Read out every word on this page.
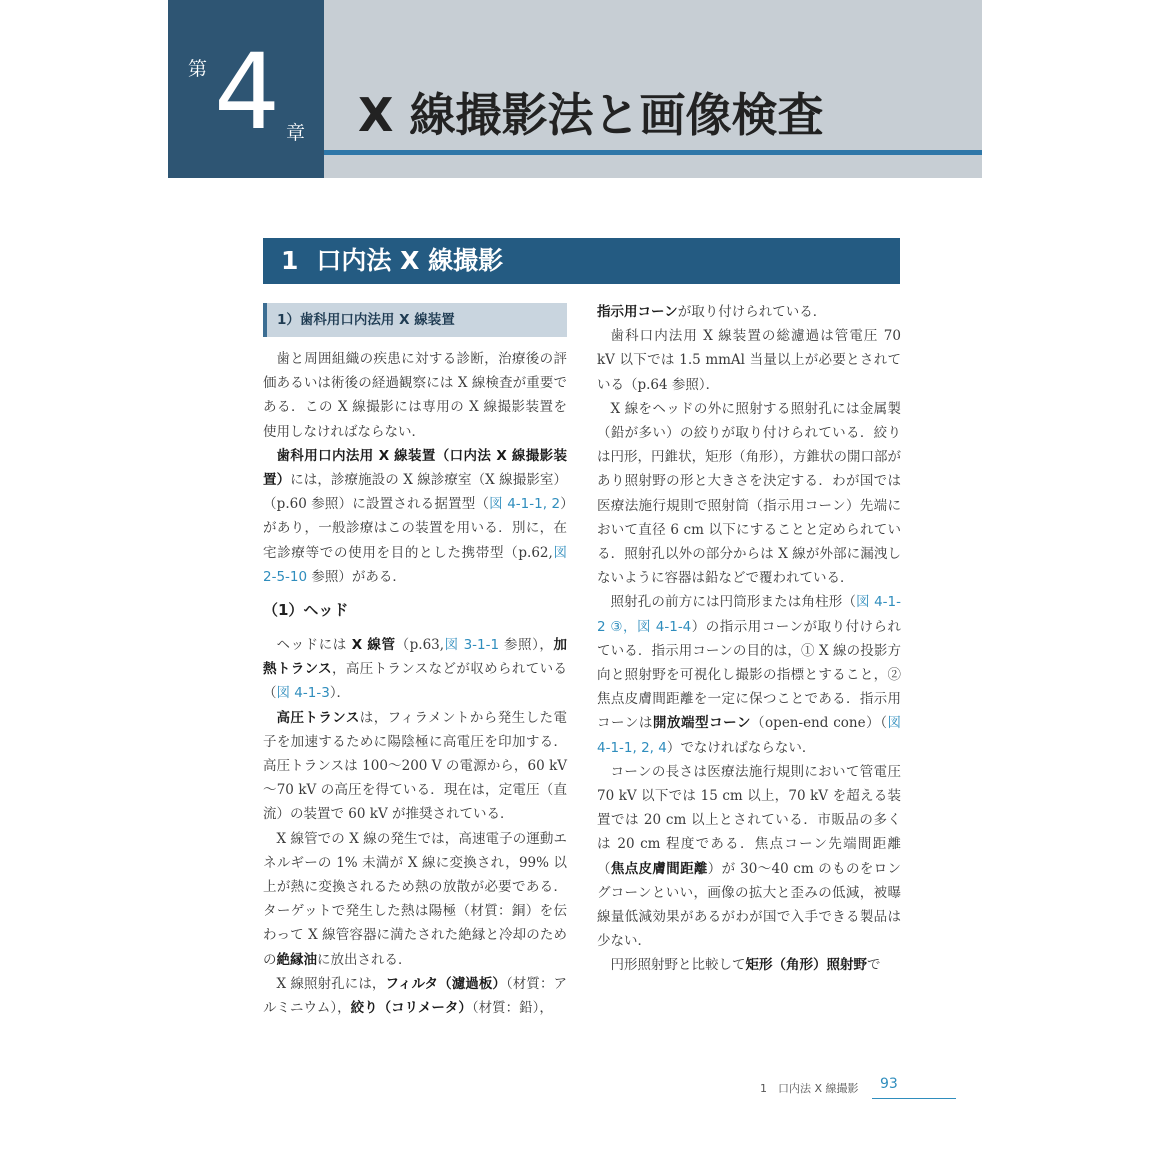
第 4 章 X 線撮影法と画像検査
1 口内法 X 線撮影
1）歯科用口内法用 X 線装置

歯と周囲組織の疾患に対する診断，治療後の評価あるいは術後の経過観察には X 線検査が重要である．この X 線撮影には専用の X 線撮影装置を使用しなければならない．

歯科用口内法用 X 線装置（口内法 X 線撮影装置）には，診療施設の X 線診療室（X 線撮影室）（p.60 参照）に設置される据置型（図 4-1-1, 2）があり，一般診療はこの装置を用いる．別に，在宅診療等での使用を目的とした携帯型（p.62,図 2-5-10 参照）がある．

（1）ヘッド

ヘッドには X 線管（p.63,図 3-1-1 参照），加熱トランス，高圧トランスなどが収められている（図 4-1-3）．

高圧トランスは，フィラメントから発生した電子を加速するために陽陰極に高電圧を印加する．高圧トランスは 100～200 V の電源から，60 kV～70 kV の高圧を得ている．現在は，定電圧（直流）の装置で 60 kV が推奨されている．

X 線管での X 線の発生では，高速電子の運動エネルギーの 1% 未満が X 線に変換され，99% 以上が熱に変換されるため熱の放散が必要である．ターゲットで発生した熱は陽極（材質：銅）を伝わって X 線管容器に満たされた絶縁と冷却のための絶縁油に放出される．

X 線照射孔には，フィルタ（濾過板）（材質：アルミニウム），絞り（コリメータ）（材質：鉛），

指示用コーンが取り付けられている．

歯科口内法用 X 線装置の総濾過は管電圧 70 kV 以下では 1.5 mmAl 当量以上が必要とされている（p.64 参照）．

X 線をヘッドの外に照射する照射孔には金属製（鉛が多い）の絞りが取り付けられている．絞りは円形，円錐状，矩形（角形），方錐状の開口部があり照射野の形と大きさを決定する．わが国では医療法施行規則で照射筒（指示用コーン）先端において直径 6 cm 以下にすることと定められている．照射孔以外の部分からは X 線が外部に漏洩しないように容器は鉛などで覆われている．

照射孔の前方には円筒形または角柱形（図 4-1-2 ③，図 4-1-4）の指示用コーンが取り付けられている．指示用コーンの目的は，① X 線の投影方向と照射野を可視化し撮影の指標とすること，②焦点皮膚間距離を一定に保つことである．指示用コーンは開放端型コーン（open-end cone）（図 4-1-1, 2, 4）でなければならない．

コーンの長さは医療法施行規則において管電圧 70 kV 以下では 15 cm 以上，70 kV を超える装置では 20 cm 以上とされている．市販品の多くは 20 cm 程度である．焦点コーン先端間距離（焦点皮膚間距離）が 30～40 cm のものをロングコーンといい，画像の拡大と歪みの低減，被曝線量低減効果があるがわが国で入手できる製品は少ない．

円形照射野と比較して矩形（角形）照射野で

1　口内法 X 線撮影 93
